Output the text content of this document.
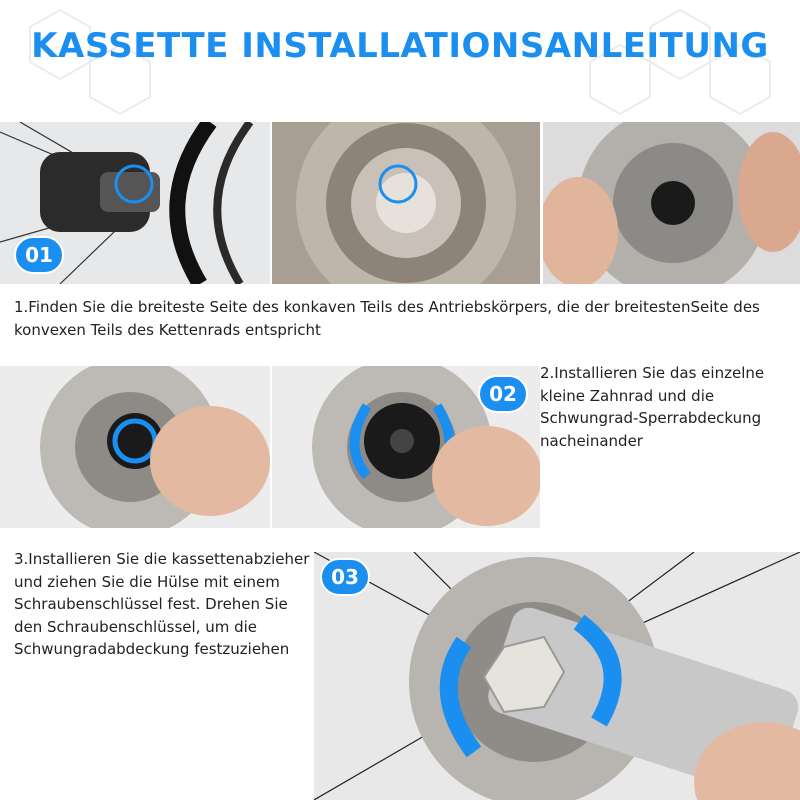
KASSETTE INSTALLATIONSANLEITUNG
01
1.Finden Sie die breiteste Seite des konkaven Teils des Antriebskörpers, die der breitestenSeite des konvexen Teils des Kettenrads entspricht
02
2.Installieren Sie das einzelne kleine Zahnrad und die Schwungrad-Sperrabdeckung nacheinander
3.Installieren Sie die kassettenabzieher und ziehen Sie die Hülse mit einem Schraubenschlüssel fest. Drehen Sie den Schraubenschlüssel, um die Schwungradabdeckung festzuziehen
03
